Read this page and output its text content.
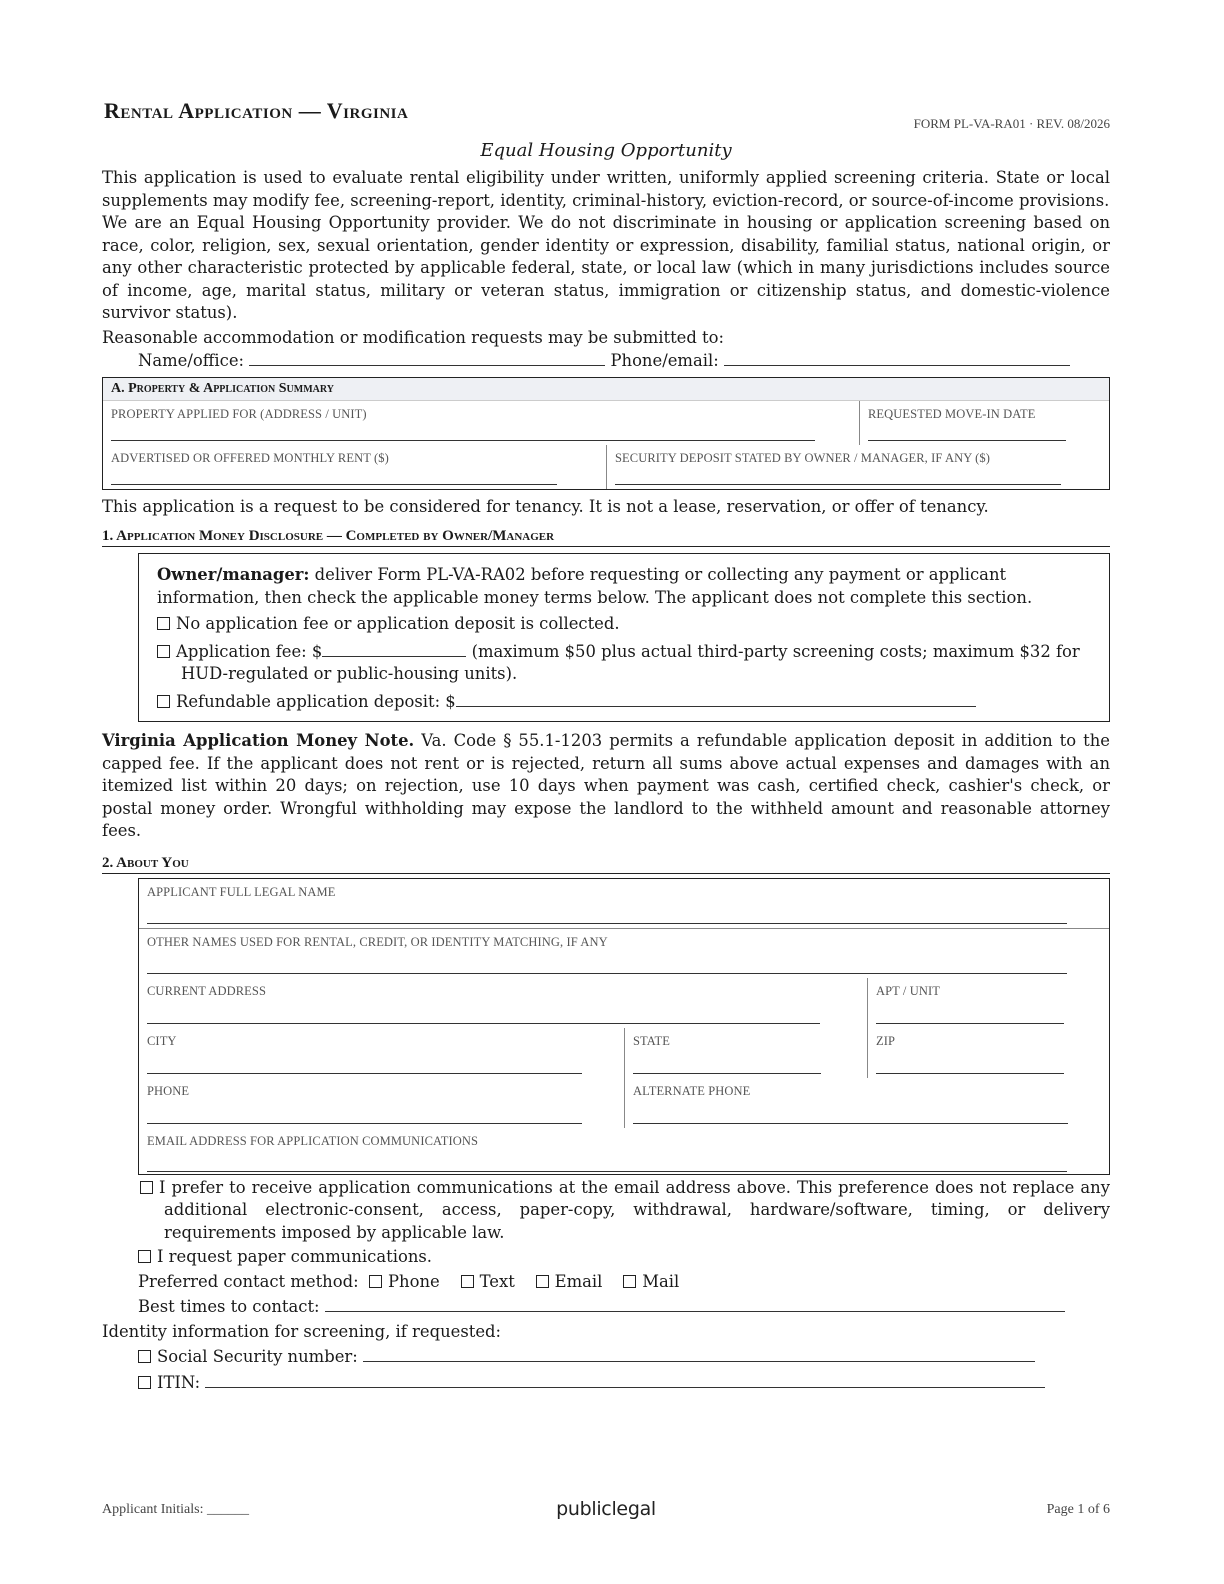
Rental Application — Virginia
FORM PL-VA-RA01 · REV. 08/2026
Equal Housing Opportunity

This application is used to evaluate rental eligibility under written, uniformly applied screening criteria. State or local supplements may modify fee, screening-report, identity, criminal-history, eviction-record, or source-of-income provisions.

We are an Equal Housing Opportunity provider. We do not discriminate in housing or application screening based on race, color, religion, sex, sexual orientation, gender identity or expression, disability, familial status, national origin, or any other characteristic protected by applicable federal, state, or local law (which in many jurisdictions includes source of income, age, marital status, military or veteran status, immigration or citizenship status, and domestic-violence survivor status).

Reasonable accommodation or modification requests may be submitted to:

Name/office:	Phone/email:

A. Property & Application Summary
PROPERTY APPLIED FOR (ADDRESS / UNIT)	REQUESTED MOVE-IN DATE
ADVERTISED OR OFFERED MONTHLY RENT ($)	SECURITY DEPOSIT STATED BY OWNER / MANAGER, IF ANY ($)

This application is a request to be considered for tenancy. It is not a lease, reservation, or offer of tenancy.

1. Application Money Disclosure — Completed by Owner/Manager

Owner/manager: deliver Form PL-VA-RA02 before requesting or collecting any payment or applicant information, then check the applicable money terms below. The applicant does not complete this section.

No application fee or application deposit is collected.

Application fee: $	(maximum $50 plus actual third-party screening costs; maximum $32 for HUD-regulated or public-housing units).

Refundable application deposit: $

Virginia Application Money Note. Va. Code § 55.1-1203 permits a refundable application deposit in addition to the capped fee. If the applicant does not rent or is rejected, return all sums above actual expenses and damages with an itemized list within 20 days; on rejection, use 10 days when payment was cash, certified check, cashier's check, or postal money order. Wrongful withholding may expose the landlord to the withheld amount and reasonable attorney fees.

2. About You
APPLICANT FULL LEGAL NAME
OTHER NAMES USED FOR RENTAL, CREDIT, OR IDENTITY MATCHING, IF ANY
CURRENT ADDRESS	APT / UNIT
CITY	STATE	ZIP
PHONE	ALTERNATE PHONE
EMAIL ADDRESS FOR APPLICATION COMMUNICATIONS

I prefer to receive application communications at the email address above. This preference does not replace any additional electronic-consent, access, paper-copy, withdrawal, hardware/software, timing, or delivery requirements imposed by applicable law.

I request paper communications.

Preferred contact method: Phone Text Email Mail

Best times to contact:

Identity information for screening, if requested:

Social Security number:

ITIN:

Applicant Initials: ______	publiclegal	Page 1 of 6
